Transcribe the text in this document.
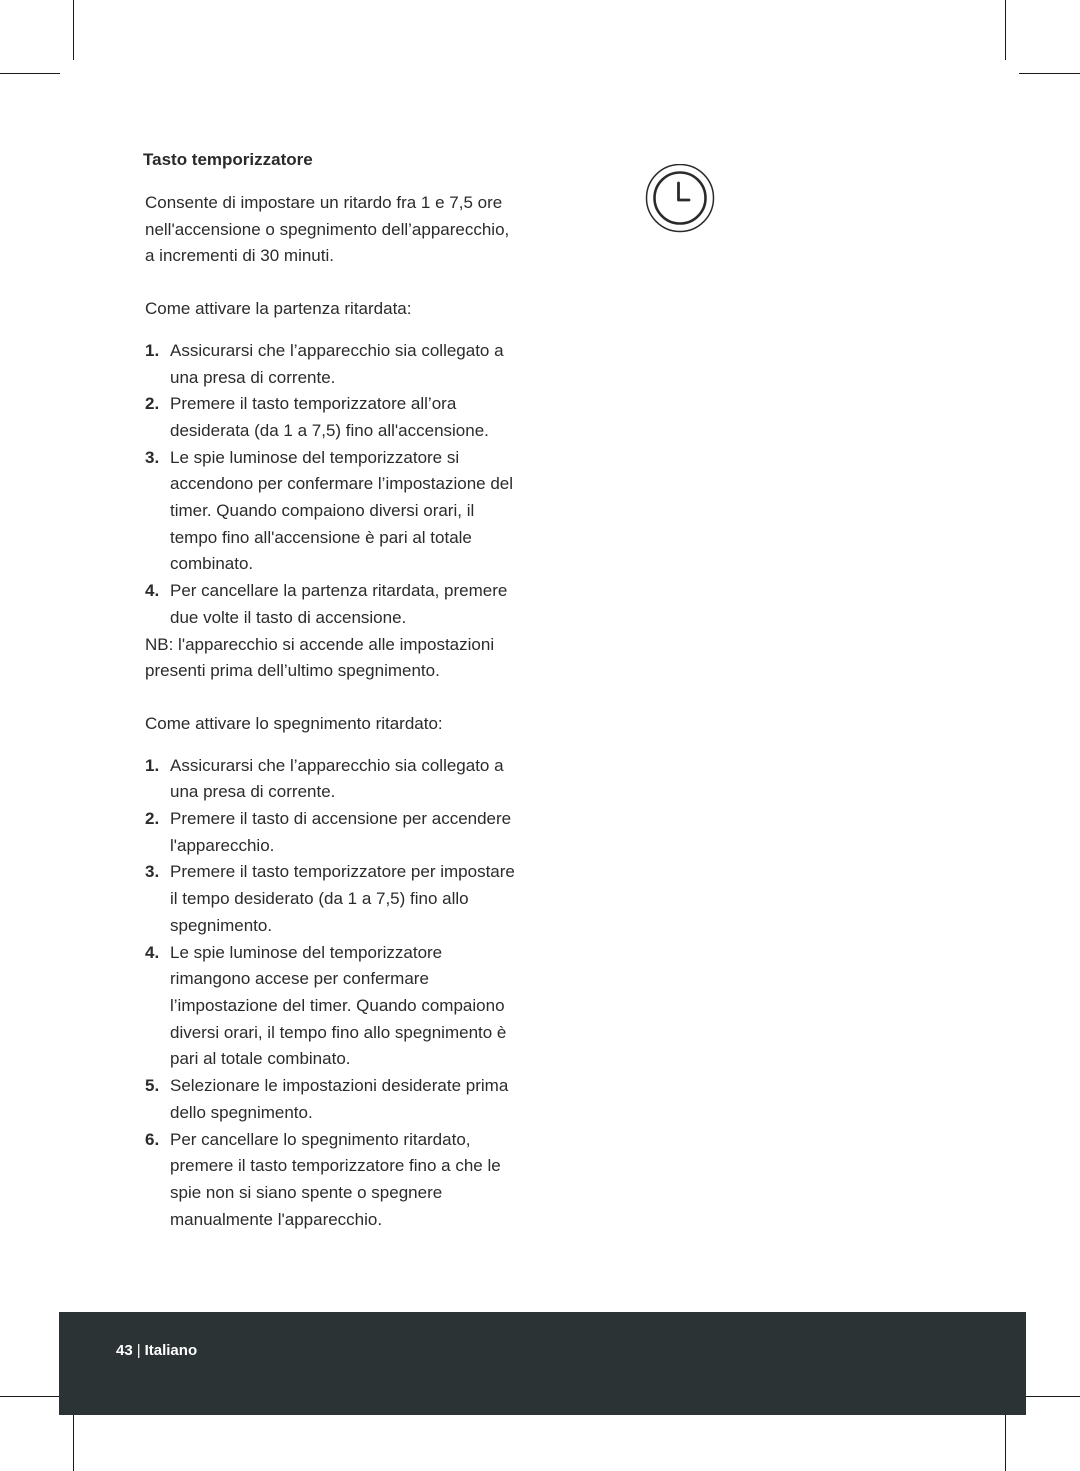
Tasto temporizzatore
Consente di impostare un ritardo fra 1 e 7,5 ore
nell'accensione o spegnimento dell’apparecchio,
a incrementi di 30 minuti.
Come attivare la partenza ritardata:
1. Assicurarsi che l’apparecchio sia collegato a
una presa di corrente.
2. Premere il tasto temporizzatore all’ora
desiderata (da 1 a 7,5) fino all'accensione.
3. Le spie luminose del temporizzatore si
accendono per confermare l’impostazione del
timer. Quando compaiono diversi orari, il
tempo fino all'accensione è pari al totale
combinato.
4. Per cancellare la partenza ritardata, premere
due volte il tasto di accensione.
NB: l'apparecchio si accende alle impostazioni
presenti prima dell’ultimo spegnimento.
Come attivare lo spegnimento ritardato:
1. Assicurarsi che l’apparecchio sia collegato a
una presa di corrente.
2. Premere il tasto di accensione per accendere
l'apparecchio.
3. Premere il tasto temporizzatore per impostare
il tempo desiderato (da 1 a 7,5) fino allo
spegnimento.
4. Le spie luminose del temporizzatore
rimangono accese per confermare
l’impostazione del timer. Quando compaiono
diversi orari, il tempo fino allo spegnimento è
pari al totale combinato.
5. Selezionare le impostazioni desiderate prima
dello spegnimento.
6. Per cancellare lo spegnimento ritardato,
premere il tasto temporizzatore fino a che le
spie non si siano spente o spegnere
manualmente l'apparecchio.
43 | Italiano
